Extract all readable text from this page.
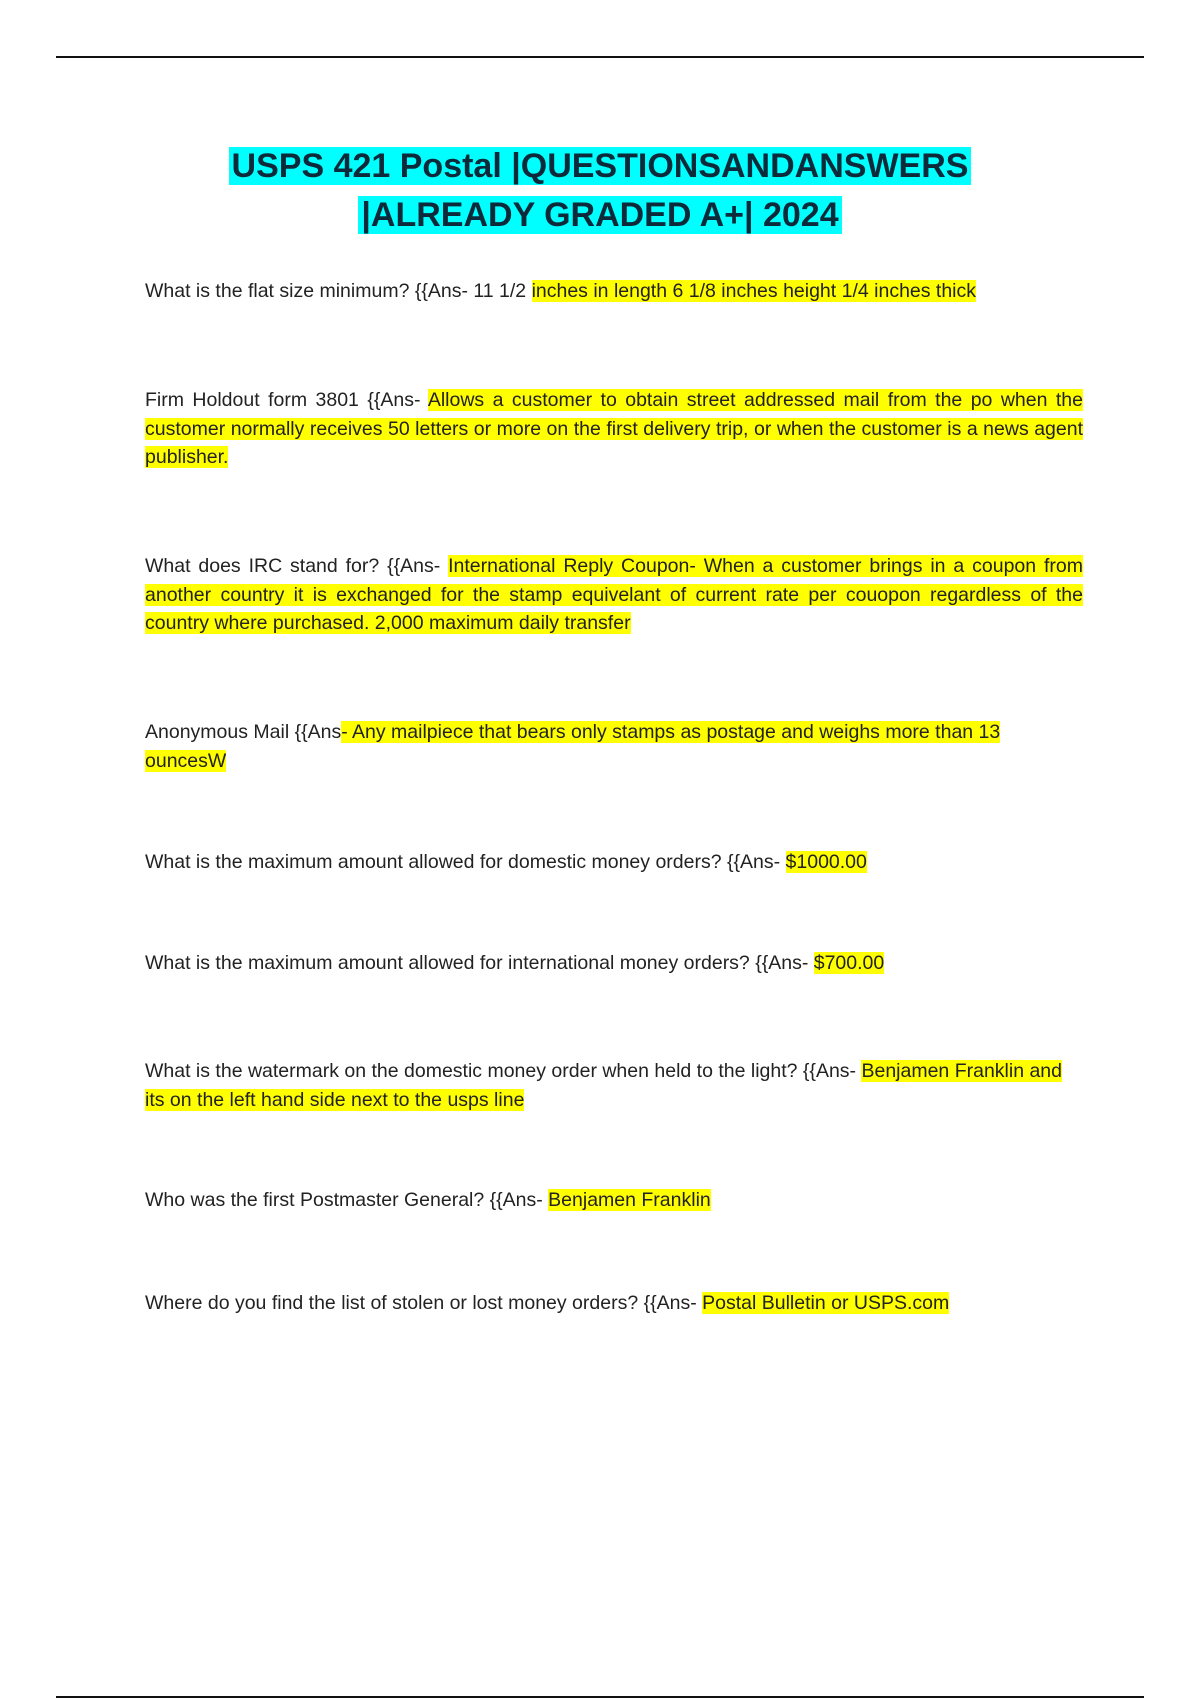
USPS 421 Postal |QUESTIONSANDANSWERS
|ALREADY GRADED A+| 2024

What is the flat size minimum? {{Ans- 11 1/2 inches in length 6 1/8 inches height 1/4 inches thick

Firm Holdout form 3801 {{Ans- Allows a customer to obtain street addressed mail from the po when the customer normally receives 50 letters or more on the first delivery trip, or when the customer is a news agent publisher.

What does IRC stand for? {{Ans- International Reply Coupon- When a customer brings in a coupon from another country it is exchanged for the stamp equivelant of current rate per couopon regardless of the country where purchased. 2,000 maximum daily transfer

Anonymous Mail {{Ans- Any mailpiece that bears only stamps as postage and weighs more than 13 ouncesW

What is the maximum amount allowed for domestic money orders? {{Ans- $1000.00

What is the maximum amount allowed for international money orders? {{Ans- $700.00

What is the watermark on the domestic money order when held to the light? {{Ans- Benjamen Franklin and its on the left hand side next to the usps line

Who was the first Postmaster General? {{Ans- Benjamen Franklin

Where do you find the list of stolen or lost money orders? {{Ans- Postal Bulletin or USPS.com
